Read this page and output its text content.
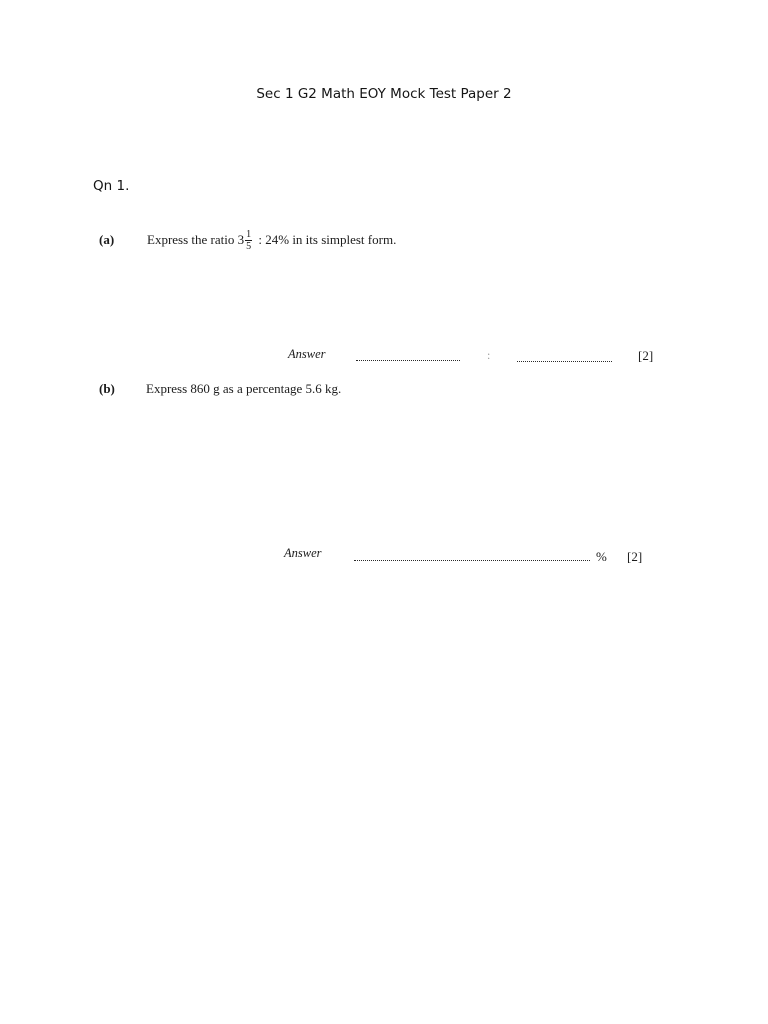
Sec 1 G2 Math EOY Mock Test Paper 2
Qn 1.
(a)	Express the ratio $3 \frac{1}{5}$ : 24% in its simplest form.
Answer	:	[2]
(b) Express 860 g as a percentage 5.6 kg.
Answer	% [2]
